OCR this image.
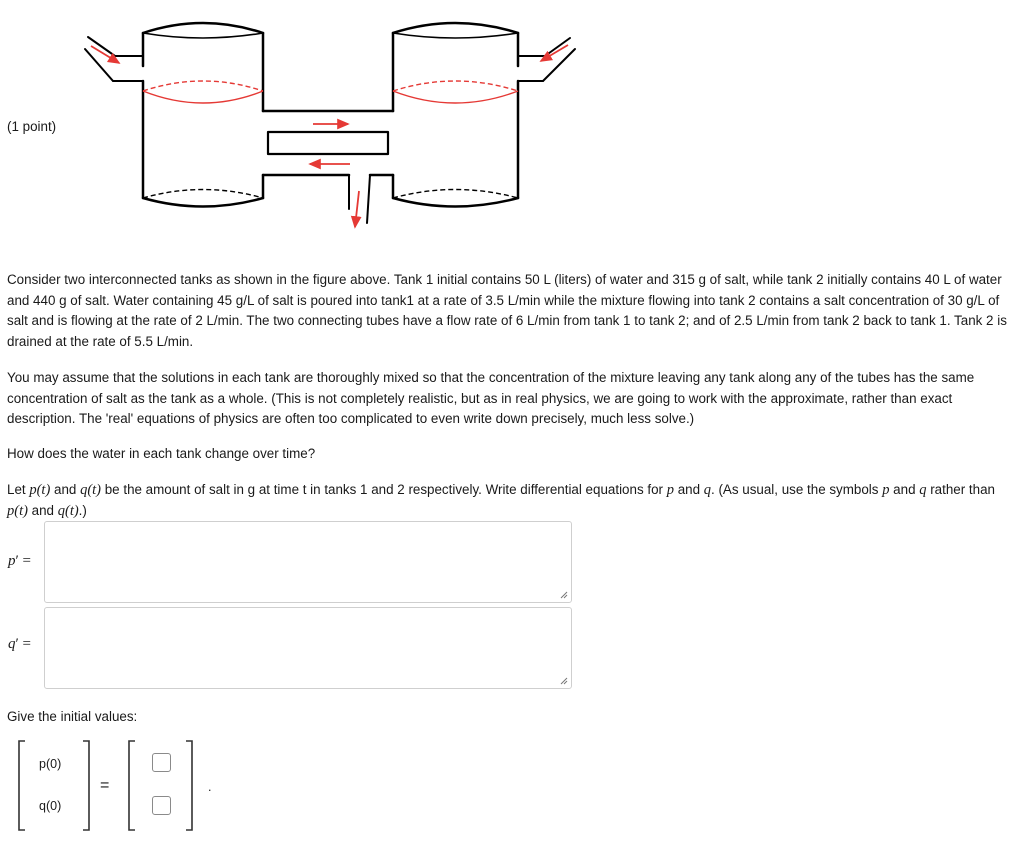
(1 point)

Consider two interconnected tanks as shown in the figure above. Tank 1 initial contains 50 L (liters) of water and 315 g of salt, while tank 2 initially contains 40 L of water and 440 g of salt. Water containing 45 g/L of salt is poured into tank1 at a rate of 3.5 L/min while the mixture flowing into tank 2 contains a salt concentration of 30 g/L of salt and is flowing at the rate of 2 L/min. The two connecting tubes have a flow rate of 6 L/min from tank 1 to tank 2; and of 2.5 L/min from tank 2 back to tank 1. Tank 2 is drained at the rate of 5.5 L/min.

You may assume that the solutions in each tank are thoroughly mixed so that the concentration of the mixture leaving any tank along any of the tubes has the same concentration of salt as the tank as a whole. (This is not completely realistic, but as in real physics, we are going to work with the approximate, rather than exact description. The 'real' equations of physics are often too complicated to even write down precisely, much less solve.)

How does the water in each tank change over time?

Let p(t) and q(t) be the amount of salt in g at time t in tanks 1 and 2 respectively. Write differential equations for p and q. (As usual, use the symbols p and q rather than p(t) and q(t).)

p′ =
q′ =
Give the initial values:
p(0)
q(0)
=	.
